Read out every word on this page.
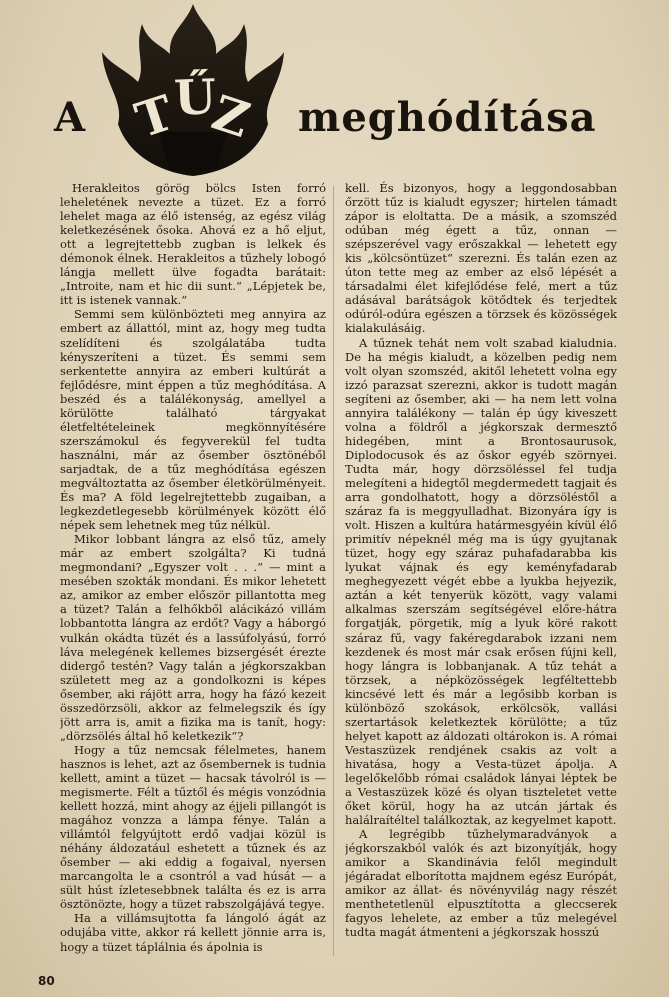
T
Ű
Z
A	meghódítása

Herakleitos görög bölcs Isten forró leheletének nevezte a tüzet. Ez a forró lehelet maga az élő istenség, az egész világ keletkezésének ősoka. Ahová ez a hő eljut, ott a legrejtettebb zugban is lelkek és démonok élnek. Herakleitos a tűzhely lobogó lángja mellett ülve fogadta barátait: „Introite, nam et hic dii sunt.“ „Lépjetek be, itt is istenek vannak.“

Semmi sem különbözteti meg annyira az embert az állattól, mint az, hogy meg tudta szelídíteni és szolgálatába tudta kényszeríteni a tüzet. És semmi sem serkentette annyira az emberi kultúrát a fejlődésre, mint éppen a tűz meghódítása. A beszéd és a találékonyság, amellyel a körülötte található tárgyakat életfeltételeinek megkönnyítésére szerszámokul és fegyverekül fel tudta használni, már az ősember ösztönéből sarjadtak, de a tűz meghódítása egészen megváltoztatta az ősember életkörülményeit. És ma? A föld legelrejtettebb zugaiban, a legkezdetlegesebb körülmények között élő népek sem lehetnek meg tűz nélkül.

Mikor lobbant lángra az első tűz, amely már az embert szolgálta? Ki tudná megmondani? „Egyszer volt . . .“ — mint a mesében szokták mondani. És mikor lehetett az, amikor az ember először pillantotta meg a tüzet? Talán a felhőkből alácikázó villám lobbantotta lángra az erdőt? Vagy a háborgó vulkán okádta tüzét és a lassúfolyású, forró láva melegének kellemes bizsergését érezte didergő testén? Vagy talán a jégkorszakban született meg az a gondolkozni is képes ősember, aki rájött arra, hogy ha fázó kezeit összedörzsöli, akkor az felmelegszik és így jött arra is, amit a fizika ma is tanít, hogy: „dörzsölés által hő keletkezik“?

Hogy a tűz nemcsak félelmetes, hanem hasznos is lehet, azt az ősembernek is tudnia kellett, amint a tüzet — hacsak távolról is — megismerte. Félt a tűztől és mégis vonzódnia kellett hozzá, mint ahogy az éjjeli pillangót is magához vonzza a lámpa fénye. Talán a villámtól felgyújtott erdő vadjai közül is néhány áldozatául eshetett a tűznek és az ősember — aki eddig a fogaival, nyersen marcangolta le a csontról a vad húsát — a sült húst ízletesebbnek találta és ez is arra ösztönözte, hogy a tüzet rabszolgájává tegye.

Ha a villámsujtotta fa lángoló ágát az odujába vitte, akkor rá kellett jönnie arra is, hogy a tüzet táplálnia és ápolnia is

kell. És bizonyos, hogy a leggondosabban őrzött tűz is kialudt egyszer; hirtelen támadt zápor is eloltatta. De a másik, a szomszéd odúban még égett a tűz, onnan — szépszerével vagy erőszakkal — lehetett egy kis „kölcsöntüzet“ szerezni. És talán ezen az úton tette meg az ember az első lépését a társadalmi élet kifejlődése felé, mert a tűz adásával barátságok kötődtek és terjedtek odúról-odúra egészen a törzsek és közösségek kialakulásáig.

A tűznek tehát nem volt szabad kialudnia. De ha mégis kialudt, a közelben pedig nem volt olyan szomszéd, akitől lehetett volna egy izzó parazsat szerezni, akkor is tudott magán segíteni az ősember, aki — ha nem lett volna annyira találékony — talán ép úgy kiveszett volna a földről a jégkorszak dermesztő hidegében, mint a Brontosaurusok, Diplodocusok és az őskor egyéb szörnyei. Tudta már, hogy dörzsöléssel fel tudja melegíteni a hidegtől megdermedett tagjait és arra gondolhatott, hogy a dörzsöléstől a száraz fa is meggyulladhat. Bizonyára így is volt. Hiszen a kultúra határmesgyéin kívül élő primitív népeknél még ma is úgy gyujtanak tüzet, hogy egy száraz puhafadarabba kis lyukat vájnak és egy keményfadarab meghegyezett végét ebbe a lyukba hejyezik, aztán a két tenyerük között, vagy valami alkalmas szerszám segítségével előre-hátra forgatják, pörgetik, míg a lyuk köré rakott száraz fű, vagy fakéregdarabok izzani nem kezdenek és most már csak erősen fújni kell, hogy lángra is lobbanjanak. A tűz tehát a törzsek, a népközösségek legféltettebb kincsévé lett és már a legősibb korban is különböző szokások, erkölcsök, vallási szertartások keletkeztek körülötte; a tűz helyet kapott az áldozati oltárokon is. A római Vestaszüzek rendjének csakis az volt a hivatása, hogy a Vesta-tüzet ápolja. A legelőkelőbb római családok lányai léptek be a Vestaszüzek közé és olyan tiszteletet vette őket körül, hogy ha az utcán jártak és halálraítéltel találkoztak, az kegyelmet kapott.

A legrégibb tűzhelymaradványok a jégkorszakból valók és azt bizonyítják, hogy amikor a Skandinávia felől megindult jégáradat elborította majdnem egész Európát, amikor az állat- és növényvilág nagy részét menthetetlenül elpusztította a gleccserek fagyos lehelete, az ember a tűz melegével tudta magát átmenteni a jégkorszak hosszú

80
